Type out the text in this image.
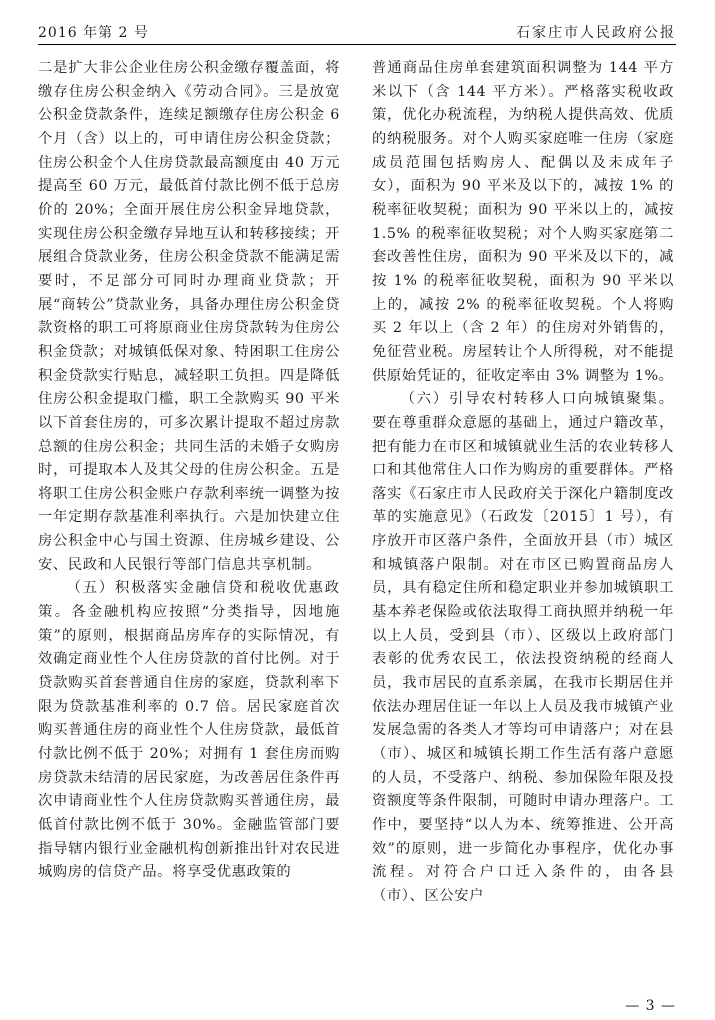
2016 年第 2 号	石家庄市人民政府公报

二是扩大非公企业住房公积金缴存覆盖面，将缴存住房公积金纳入《劳动合同》。三是放宽公积金贷款条件，连续足额缴存住房公积金 6 个月（含）以上的，可申请住房公积金贷款；住房公积金个人住房贷款最高额度由 40 万元提高至 60 万元，最低首付款比例不低于总房价的 20%；全面开展住房公积金异地贷款，实现住房公积金缴存异地互认和转移接续；开展组合贷款业务，住房公积金贷款不能满足需要时，不足部分可同时办理商业贷款；开展“商转公”贷款业务，具备办理住房公积金贷款资格的职工可将原商业住房贷款转为住房公积金贷款；对城镇低保对象、特困职工住房公积金贷款实行贴息，减轻职工负担。四是降低住房公积金提取门槛，职工全款购买 90 平米以下首套住房的，可多次累计提取不超过房款总额的住房公积金；共同生活的未婚子女购房时，可提取本人及其父母的住房公积金。五是将职工住房公积金账户存款利率统一调整为按一年定期存款基准利率执行。六是加快建立住房公积金中心与国土资源、住房城乡建设、公安、民政和人民银行等部门信息共享机制。

（五）积极落实金融信贷和税收优惠政策。各金融机构应按照“分类指导，因地施策”的原则，根据商品房库存的实际情况，有效确定商业性个人住房贷款的首付比例。对于贷款购买首套普通自住房的家庭，贷款利率下限为贷款基准利率的 0.7 倍。居民家庭首次购买普通住房的商业性个人住房贷款，最低首付款比例不低于 20%；对拥有 1 套住房而购房贷款未结清的居民家庭，为改善居住条件再次申请商业性个人住房贷款购买普通住房，最低首付款比例不低于 30%。金融监管部门要指导辖内银行业金融机构创新推出针对农民进城购房的信贷产品。将享受优惠政策的

普通商品住房单套建筑面积调整为 144 平方米以下（含 144 平方米）。严格落实税收政策，优化办税流程，为纳税人提供高效、优质的纳税服务。对个人购买家庭唯一住房（家庭成员范围包括购房人、配偶以及未成年子女），面积为 90 平米及以下的，减按 1% 的税率征收契税；面积为 90 平米以上的，减按 1.5% 的税率征收契税；对个人购买家庭第二套改善性住房，面积为 90 平米及以下的，减按 1% 的税率征收契税，面积为 90 平米以上的，减按 2% 的税率征收契税。个人将购买 2 年以上（含 2 年）的住房对外销售的，免征营业税。房屋转让个人所得税，对不能提供原始凭证的，征收定率由 3% 调整为 1%。

（六）引导农村转移人口向城镇聚集。要在尊重群众意愿的基础上，通过户籍改革，把有能力在市区和城镇就业生活的农业转移人口和其他常住人口作为购房的重要群体。严格落实《石家庄市人民政府关于深化户籍制度改革的实施意见》（石政发〔2015〕1 号），有序放开市区落户条件，全面放开县（市）城区和城镇落户限制。对在市区已购置商品房人员，具有稳定住所和稳定职业并参加城镇职工基本养老保险或依法取得工商执照并纳税一年以上人员，受到县（市）、区级以上政府部门表彰的优秀农民工，依法投资纳税的经商人员，我市居民的直系亲属，在我市长期居住并依法办理居住证一年以上人员及我市城镇产业发展急需的各类人才等均可申请落户；对在县（市）、城区和城镇长期工作生活有落户意愿的人员，不受落户、纳税、参加保险年限及投资额度等条件限制，可随时申请办理落户。工作中，要坚持“以人为本、统筹推进、公开高效”的原则，进一步简化办事程序，优化办事流程。对符合户口迁入条件的，由各县（市）、区公安户

— 3 —
